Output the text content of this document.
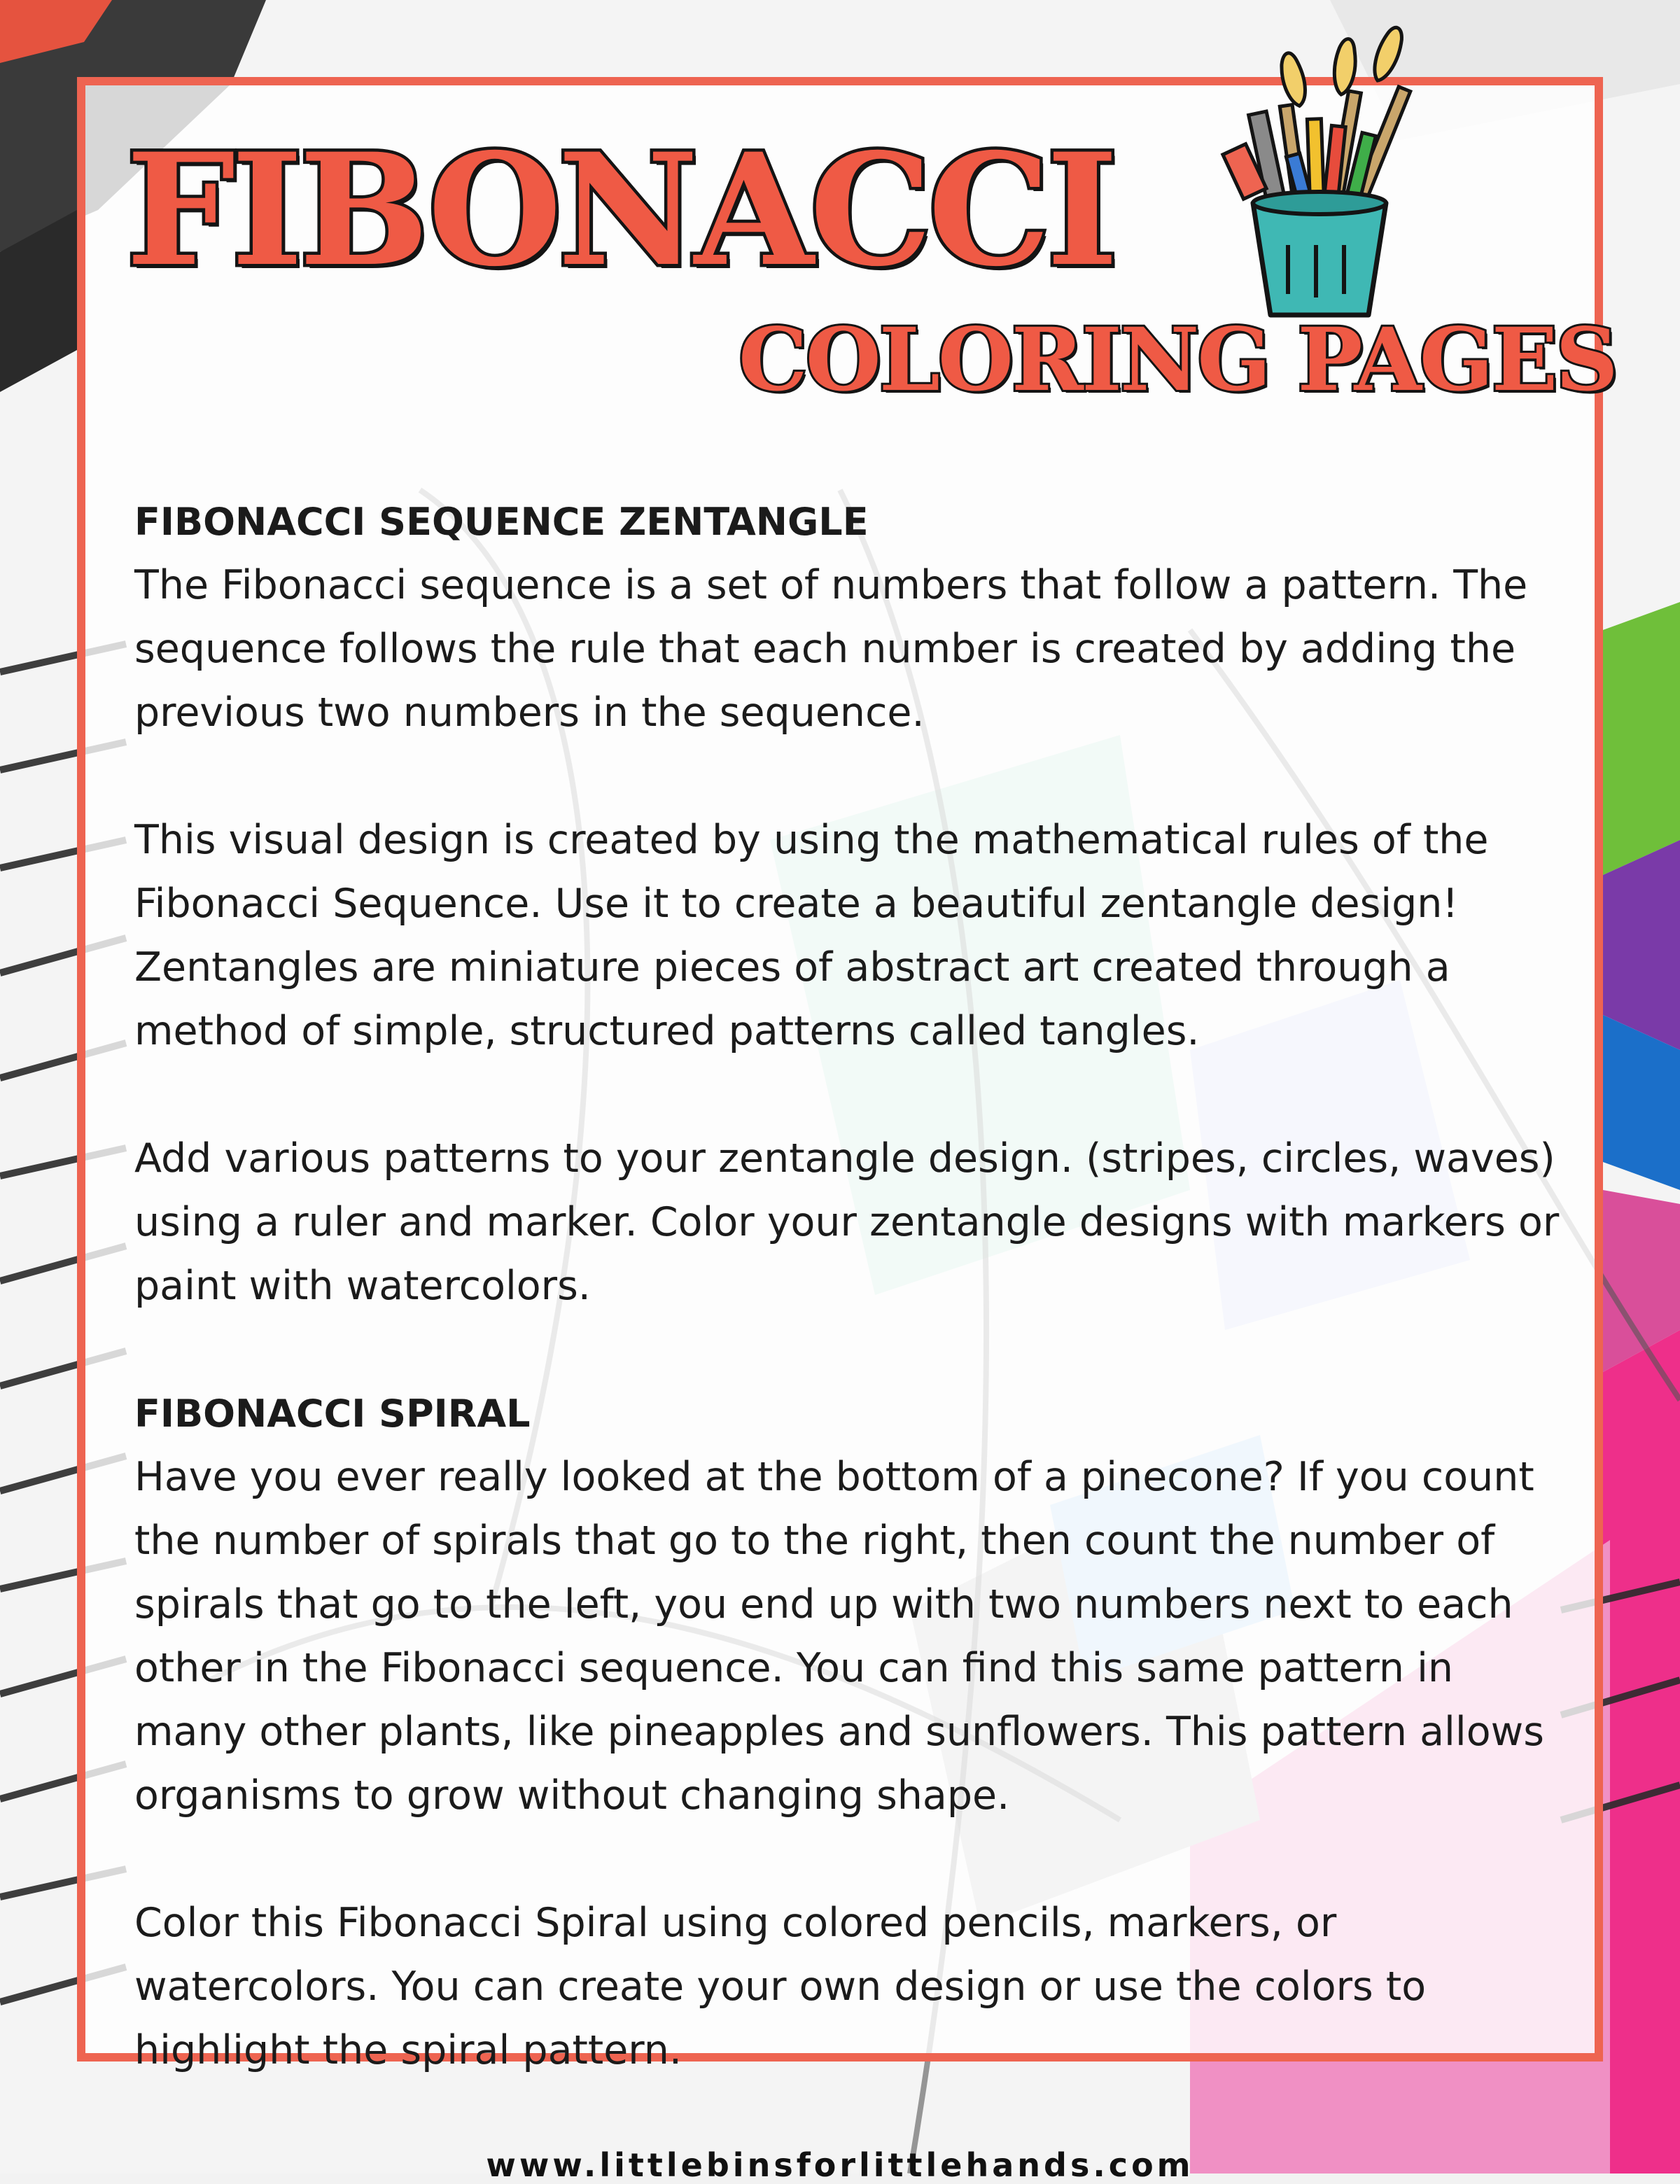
FIBONACCI
COLORING PAGES
FIBONACCI SEQUENCE ZENTANGLE

The Fibonacci sequence is a set of numbers that follow a pattern. The sequence follows the rule that each number is created by adding the previous two numbers in the sequence.

This visual design is created by using the mathematical rules of the Fibonacci Sequence. Use it to create a beautiful zentangle design! Zentangles are miniature pieces of abstract art created through a method of simple, structured patterns called tangles.

Add various patterns to your zentangle design. (stripes, circles, waves) using a ruler and marker. Color your zentangle designs with markers or paint with watercolors.

FIBONACCI SPIRAL

Have you ever really looked at the bottom of a pinecone? If you count the number of spirals that go to the right, then count the number of spirals that go to the left, you end up with two numbers next to each other in the Fibonacci sequence. You can find this same pattern in many other plants, like pineapples and sunflowers. This pattern allows organisms to grow without changing shape.

Color this Fibonacci Spiral using colored pencils, markers, or watercolors. You can create your own design or use the colors to highlight the spiral pattern.

www.littlebinsforlittlehands.com
